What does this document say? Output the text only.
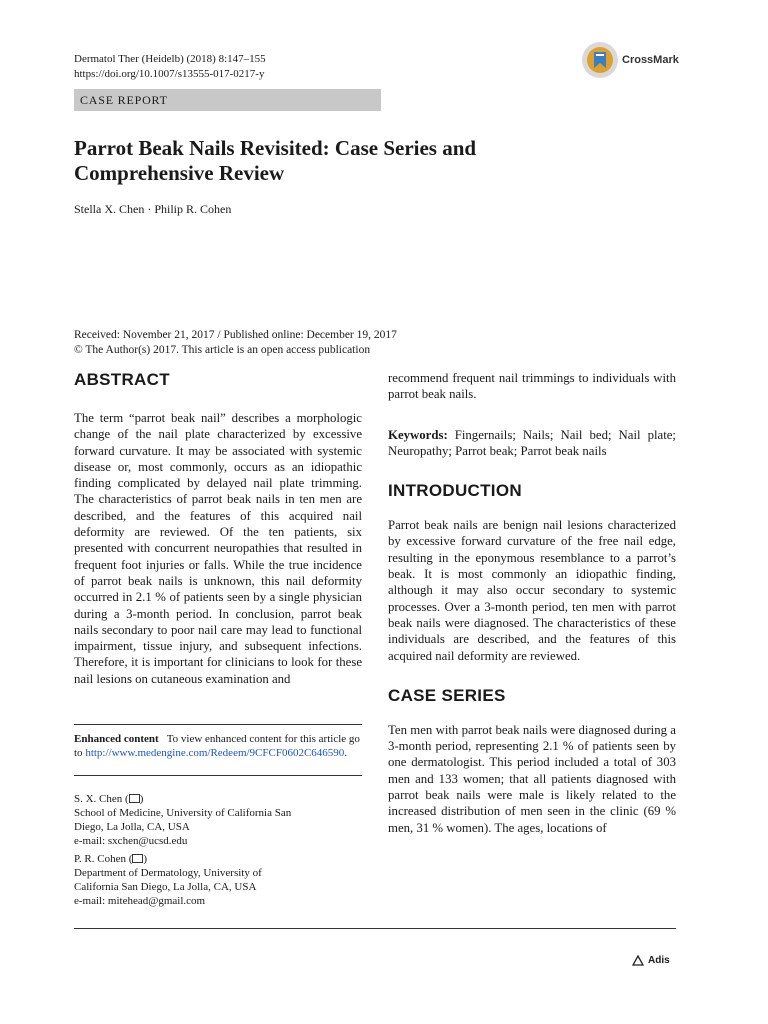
Dermatol Ther (Heidelb) (2018) 8:147–155
https://doi.org/10.1007/s13555-017-0217-y
CrossMark
CASE REPORT
Parrot Beak Nails Revisited: Case Series and Comprehensive Review
Stella X. Chen · Philip R. Cohen
Received: November 21, 2017 / Published online: December 19, 2017
© The Author(s) 2017. This article is an open access publication
ABSTRACT

The term “parrot beak nail” describes a morphologic change of the nail plate characterized by excessive forward curvature. It may be associated with systemic disease or, most commonly, occurs as an idiopathic finding complicated by delayed nail plate trimming. The characteristics of parrot beak nails in ten men are described, and the features of this acquired nail deformity are reviewed. Of the ten patients, six presented with concurrent neuropathies that resulted in frequent foot injuries or falls. While the true incidence of parrot beak nails is unknown, this nail deformity occurred in 2.1 % of patients seen by a single physician during a 3-month period. In conclusion, parrot beak nails secondary to poor nail care may lead to functional impairment, tissue injury, and subsequent infections. Therefore, it is important for clinicians to look for these nail lesions on cutaneous examination and

Enhanced content To view enhanced content for this article go to http://www.medengine.com/Redeem/9CFCF0602C646590.
S. X. Chen ( )
School of Medicine, University of California San
Diego, La Jolla, CA, USA
e-mail: sxchen@ucsd.edu
P. R. Cohen ( )
Department of Dermatology, University of
California San Diego, La Jolla, CA, USA
e-mail: mitehead@gmail.com

recommend frequent nail trimmings to individuals with parrot beak nails.

Keywords: Fingernails; Nails; Nail bed; Nail plate; Neuropathy; Parrot beak; Parrot beak nails

INTRODUCTION

Parrot beak nails are benign nail lesions characterized by excessive forward curvature of the free nail edge, resulting in the eponymous resemblance to a parrot’s beak. It is most commonly an idiopathic finding, although it may also occur secondary to systemic processes. Over a 3-month period, ten men with parrot beak nails were diagnosed. The characteristics of these individuals are described, and the features of this acquired nail deformity are reviewed.

CASE SERIES

Ten men with parrot beak nails were diagnosed during a 3-month period, representing 2.1 % of patients seen by one dermatologist. This period included a total of 303 men and 133 women; that all patients diagnosed with parrot beak nails were male is likely related to the increased distribution of men seen in the clinic (69 % men, 31 % women). The ages, locations of

Adis
